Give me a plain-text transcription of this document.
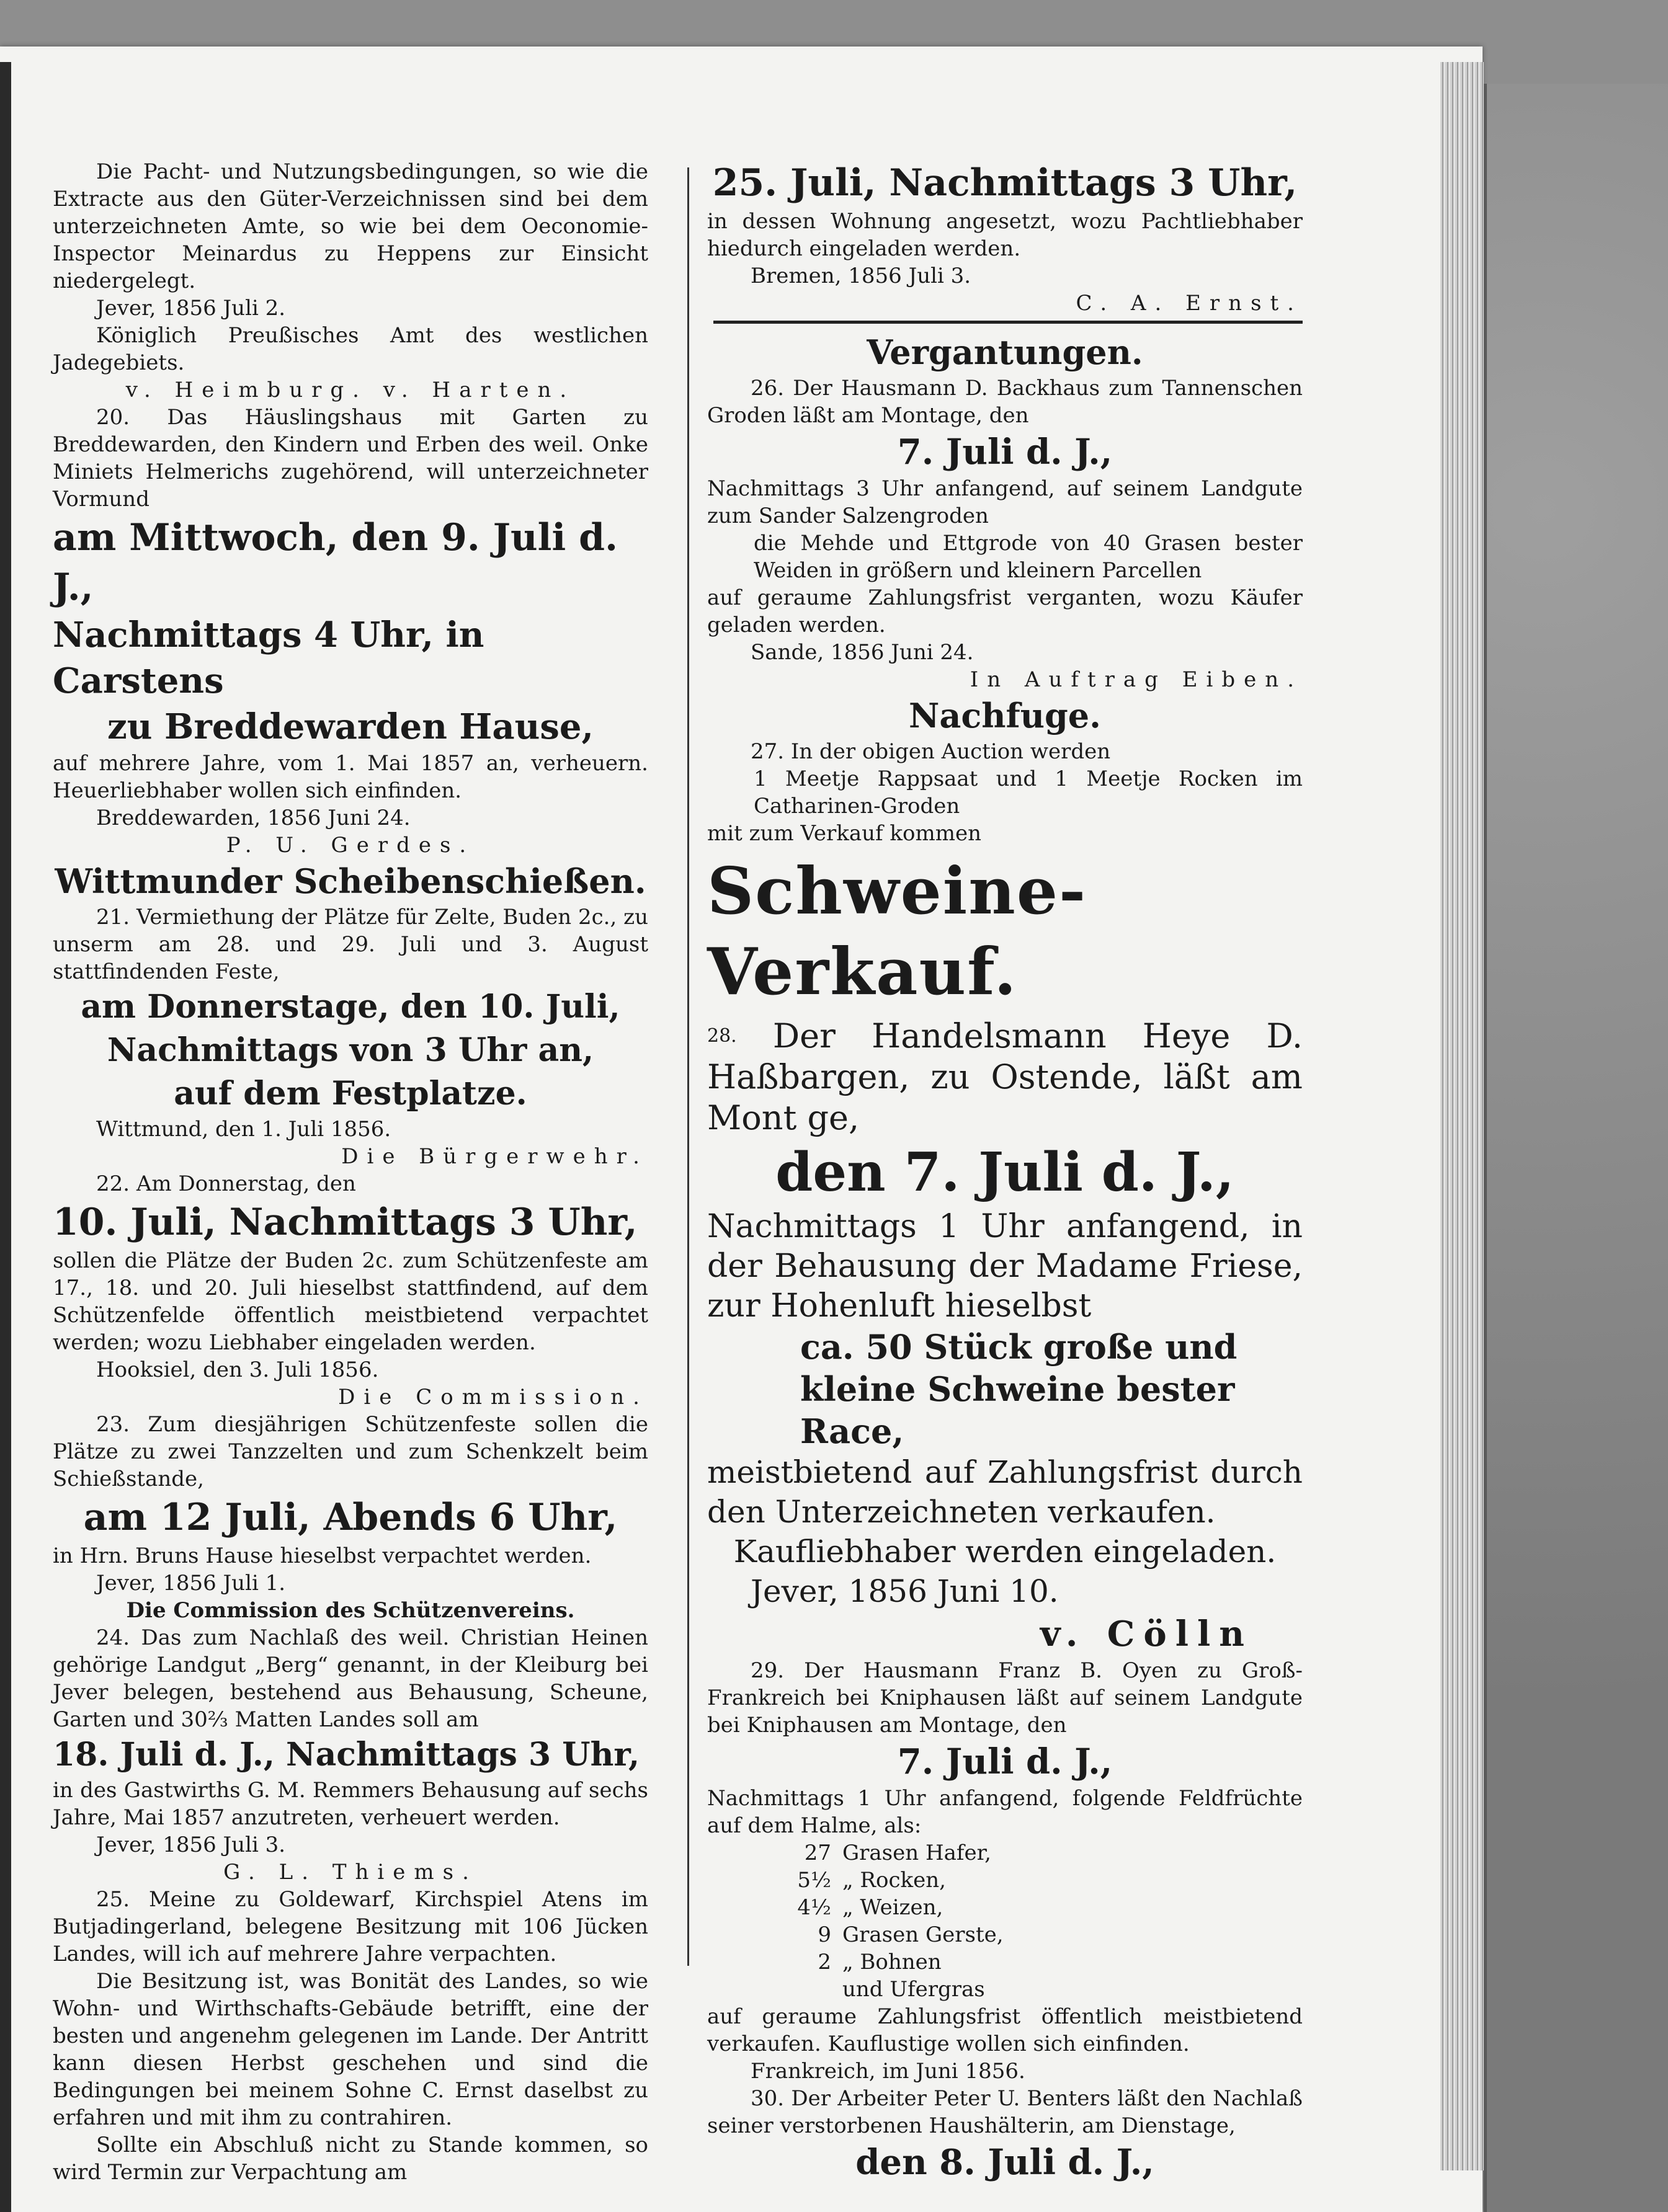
Die Pacht- und Nutzungsbedingungen, so wie die Extracte aus den Güter-Verzeichnissen sind bei dem unterzeichneten Amte, so wie bei dem Oeconomie-Inspector Meinardus zu Heppens zur Einsicht niedergelegt.

Jever, 1856 Juli 2.

Königlich Preußisches Amt des westlichen Jadegebiets.

v. Heimburg. v. Harten.

20. Das Häuslingshaus mit Garten zu Breddewarden, den Kindern und Erben des weil. Onke Miniets Helmerichs zugehörend, will unterzeichneter Vormund

am Mittwoch, den 9. Juli d. J.,

Nachmittags 4 Uhr, in Carstens

zu Breddewarden Hause,

auf mehrere Jahre, vom 1. Mai 1857 an, verheuern. Heuerliebhaber wollen sich einfinden.

Breddewarden, 1856 Juni 24.

P. U. Gerdes.

Wittmunder Scheibenschießen.

21. Vermiethung der Plätze für Zelte, Buden 2c., zu unserm am 28. und 29. Juli und 3. August stattfindenden Feste,

am Donnerstage, den 10. Juli,

Nachmittags von 3 Uhr an,

auf dem Festplatze.

Wittmund, den 1. Juli 1856.

Die Bürgerwehr.

22. Am Donnerstag, den

10. Juli, Nachmittags 3 Uhr,

sollen die Plätze der Buden 2c. zum Schützenfeste am 17., 18. und 20. Juli hieselbst stattfindend, auf dem Schützenfelde öffentlich meistbietend verpachtet werden; wozu Liebhaber eingeladen werden.

Hooksiel, den 3. Juli 1856.

Die Commission.

23. Zum diesjährigen Schützenfeste sollen die Plätze zu zwei Tanzzelten und zum Schenkzelt beim Schießstande,

am 12 Juli, Abends 6 Uhr,

in Hrn. Bruns Hause hieselbst verpachtet werden.

Jever, 1856 Juli 1.

Die Commission des Schützenvereins.

24. Das zum Nachlaß des weil. Christian Heinen gehörige Landgut „Berg“ genannt, in der Kleiburg bei Jever belegen, bestehend aus Behausung, Scheune, Garten und 30⅔ Matten Landes soll am

18. Juli d. J., Nachmittags 3 Uhr,

in des Gastwirths G. M. Remmers Behausung auf sechs Jahre, Mai 1857 anzutreten, verheuert werden.

Jever, 1856 Juli 3.

G. L. Thiems.

25. Meine zu Goldewarf, Kirchspiel Atens im Butjadingerland, belegene Besitzung mit 106 Jücken Landes, will ich auf mehrere Jahre verpachten.

Die Besitzung ist, was Bonität des Landes, so wie Wohn- und Wirthschafts-Gebäude betrifft, eine der besten und angenehm gelegenen im Lande. Der Antritt kann diesen Herbst geschehen und sind die Bedingungen bei meinem Sohne C. Ernst daselbst zu erfahren und mit ihm zu contrahiren.

Sollte ein Abschluß nicht zu Stande kommen, so wird Termin zur Verpachtung am

25. Juli, Nachmittags 3 Uhr,

in dessen Wohnung angesetzt, wozu Pachtliebhaber hiedurch eingeladen werden.

Bremen, 1856 Juli 3.

C. A. Ernst.

Vergantungen.

26. Der Hausmann D. Backhaus zum Tannenschen Groden läßt am Montage, den

7. Juli d. J.,

Nachmittags 3 Uhr anfangend, auf seinem Landgute zum Sander Salzengroden

die Mehde und Ettgrode von 40 Grasen bester Weiden in größern und kleinern Parcellen

auf geraume Zahlungsfrist verganten, wozu Käufer geladen werden.

Sande, 1856 Juni 24.

In Auftrag Eiben.

Nachfuge.

27. In der obigen Auction werden

1 Meetje Rappsaat und 1 Meetje Rocken im Catharinen-Groden

mit zum Verkauf kommen

Schweine-Verkauf.

$^{28.}$ Der Handelsmann Heye D. Haßbargen, zu Ostende, läßt am Mont ge,

den 7. Juli d. J.,

Nachmittags 1 Uhr anfangend, in der Behausung der Madame Friese, zur Hohenluft hieselbst

ca. 50 Stück große und

kleine Schweine bester Race,

meistbietend auf Zahlungsfrist durch den Unterzeichneten verkaufen.

Kaufliebhaber werden eingeladen.

Jever, 1856 Juni 10.

v. Cölln

29. Der Hausmann Franz B. Oyen zu Groß-Frankreich bei Kniphausen läßt auf seinem Landgute bei Kniphausen am Montage, den

7. Juli d. J.,

Nachmittags 1 Uhr anfangend, folgende Feldfrüchte auf dem Halme, als:

27 Grasen Hafer,
5½ „ Rocken,
4½ „ Weizen,
9 Grasen Gerste,
2 „ Bohnen
und Ufergras

auf geraume Zahlungsfrist öffentlich meistbietend verkaufen. Kauflustige wollen sich einfinden.

Frankreich, im Juni 1856.

30. Der Arbeiter Peter U. Benters läßt den Nachlaß seiner verstorbenen Haushälterin, am Dienstage,

den 8. Juli d. J.,
